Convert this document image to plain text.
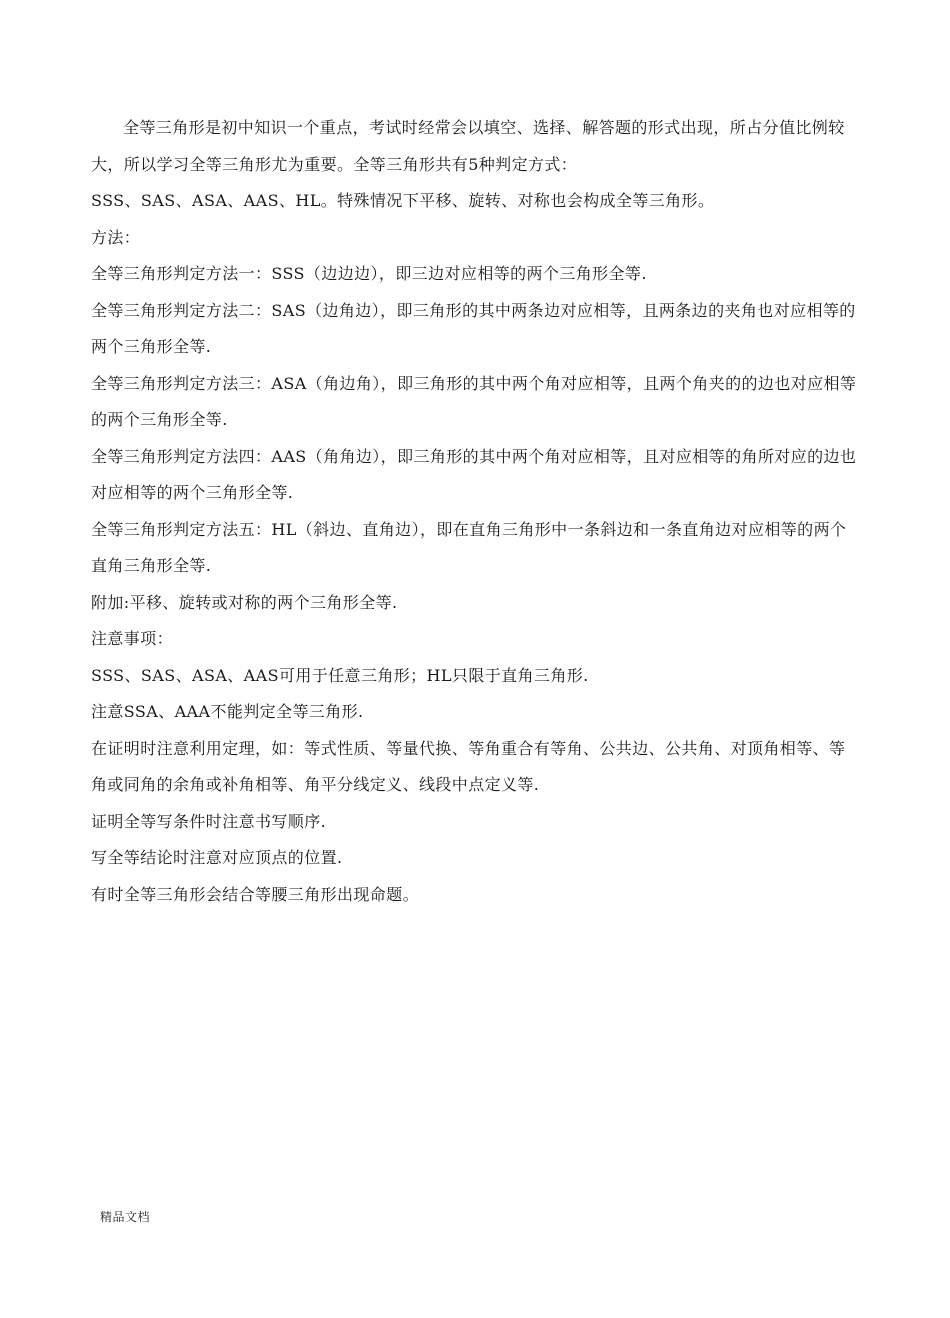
全等三角形是初中知识一个重点，考试时经常会以填空、选择、解答题的形式出现，所占分值比例较大，所以学习全等三角形尤为重要。全等三角形共有5种判定方式：

SSS、SAS、ASA、AAS、HL。特殊情况下平移、旋转、对称也会构成全等三角形。

方法：

全等三角形判定方法一：SSS（边边边），即三边对应相等的两个三角形全等.

全等三角形判定方法二：SAS（边角边），即三角形的其中两条边对应相等，且两条边的夹角也对应相等的两个三角形全等.

全等三角形判定方法三：ASA（角边角），即三角形的其中两个角对应相等，且两个角夹的的边也对应相等的两个三角形全等.

全等三角形判定方法四：AAS（角角边），即三角形的其中两个角对应相等，且对应相等的角所对应的边也对应相等的两个三角形全等.

全等三角形判定方法五：HL（斜边、直角边），即在直角三角形中一条斜边和一条直角边对应相等的两个直角三角形全等.

附加:平移、旋转或对称的两个三角形全等.

注意事项：

SSS、SAS、ASA、AAS可用于任意三角形；HL只限于直角三角形.

注意SSA、AAA不能判定全等三角形.

在证明时注意利用定理，如：等式性质、等量代换、等角重合有等角、公共边、公共角、对顶角相等、等角或同角的余角或补角相等、角平分线定义、线段中点定义等.

证明全等写条件时注意书写顺序.

写全等结论时注意对应顶点的位置.

有时全等三角形会结合等腰三角形出现命题。

精品文档
